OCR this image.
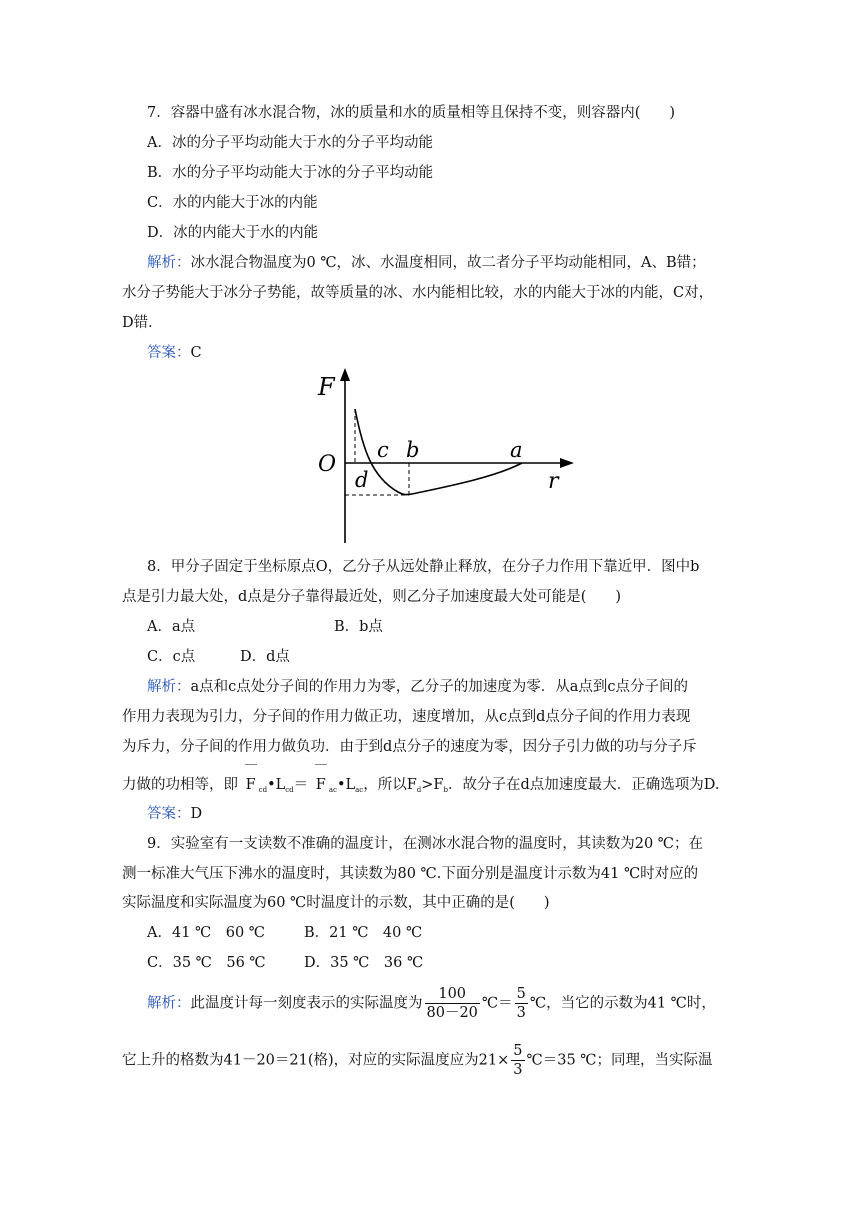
7．容器中盛有冰水混合物，冰的质量和水的质量相等且保持不变，则容器内(　　)
A．冰的分子平均动能大于水的分子平均动能
B．水的分子平均动能大于冰的分子平均动能
C．水的内能大于冰的内能
D．冰的内能大于水的内能
解析：冰水混合物温度为0 ℃，冰、水温度相同，故二者分子平均动能相同，A、B错；
水分子势能大于冰分子势能，故等质量的冰、水内能相比较，水的内能大于冰的内能，C对，
D错．
答案：C
F
O
c b	a
d	r
8．甲分子固定于坐标原点O，乙分子从远处静止释放，在分子力作用下靠近甲．图中b
点是引力最大处，d点是分子靠得最近处，则乙分子加速度最大处可能是(　　)
A．a点	B．b点
C．c点	D．d点
解析：a点和c点处分子间的作用力为零，乙分子的加速度为零．从a点到c点分子间的
作用力表现为引力，分子间的作用力做正功，速度增加，从c点到d点分子间的作用力表现
为斥力，分子间的作用力做负功．由于到d点分子的速度为零，因分子引力做的功与分子斥
力做的功相等，即 F $_{cd}•L_{cd}= F$ $_{ac}•L_{ac}$，所以$F_d>F_b$．故分子在d点加速度最大．正确选项为D.
答案：D
9．实验室有一支读数不准确的温度计，在测冰水混合物的温度时，其读数为20 ℃；在
测一标准大气压下沸水的温度时，其读数为80 ℃.下面分别是温度计示数为41 ℃时对应的
实际温度和实际温度为60 ℃时温度计的示数，其中正确的是(　　)
A．41 ℃　60 ℃	B．21 ℃　40 ℃
C．35 ℃　56 ℃	D．35 ℃　36 ℃
解析：此温度计每一刻度表示的实际温度为 $\frac{100}{80-20}$ ℃＝ $\frac{5}{3}$ ℃，当它的示数为41 ℃时，
它上升的格数为41－20＝21(格)，对应的实际温度应为$21\times \frac{5}{3}$ ℃＝35 ℃；同理，当实际温
